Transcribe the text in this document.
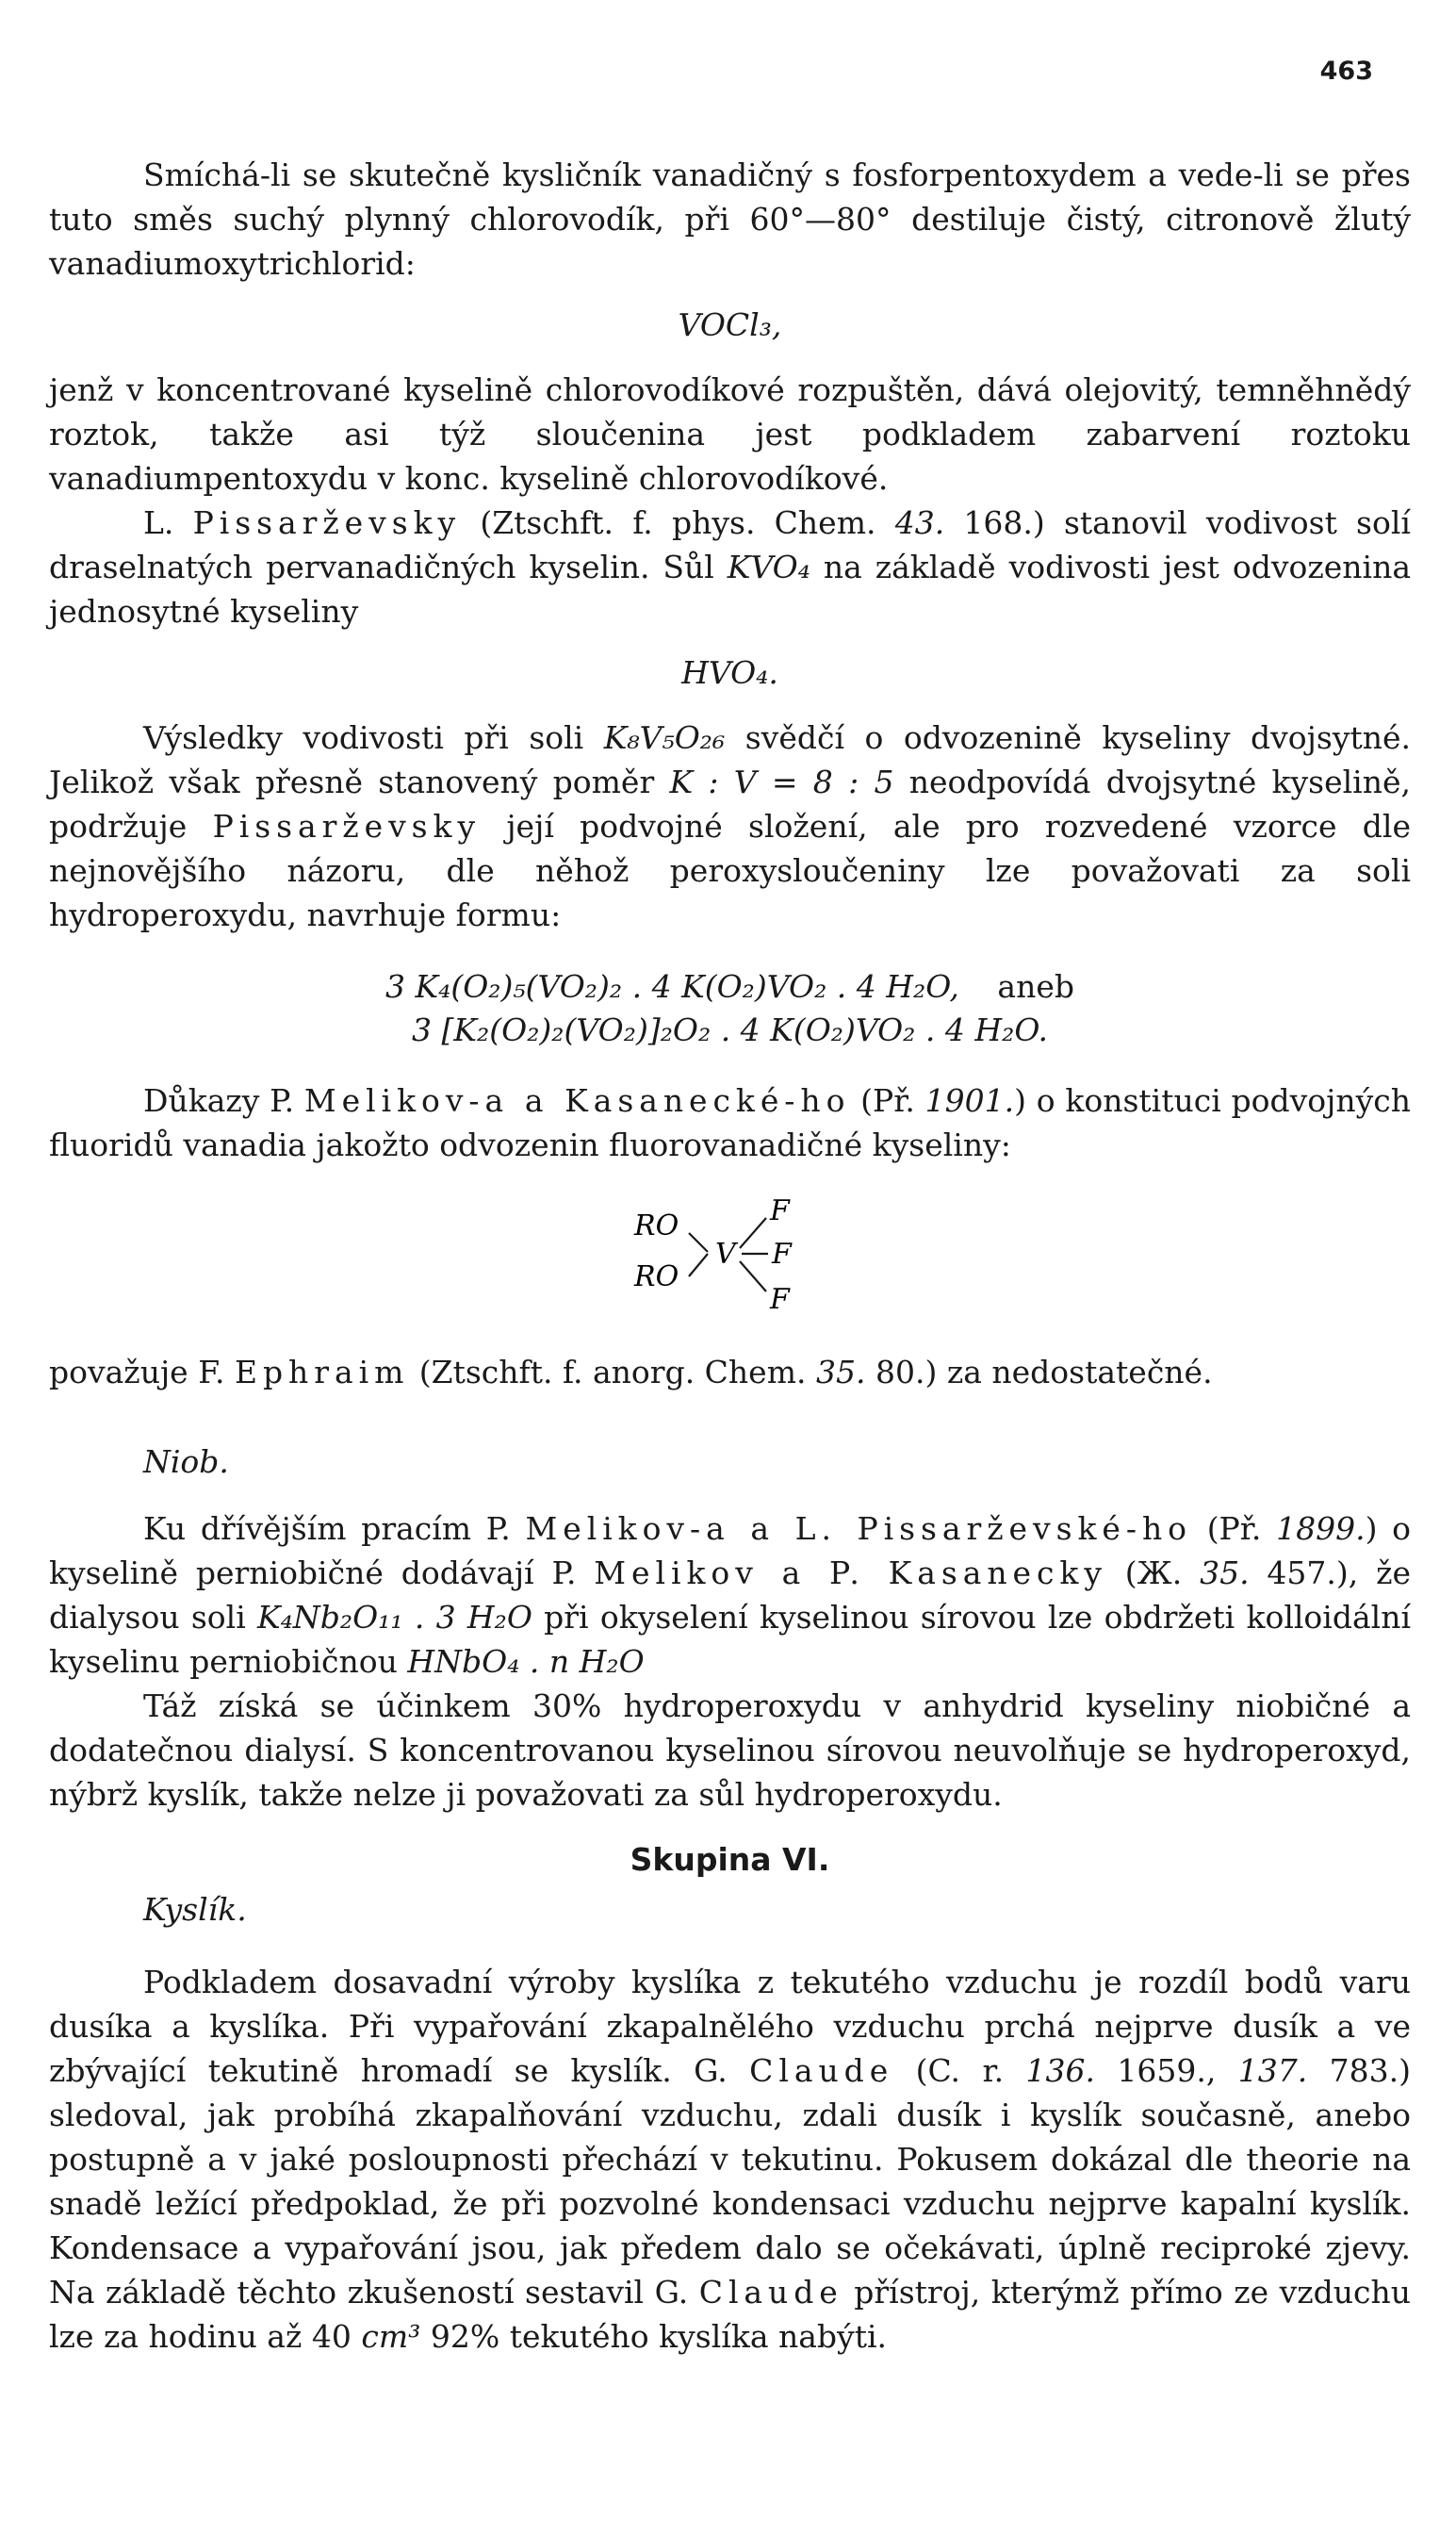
463

Smíchá-li se skutečně kysličník vanadičný s fosforpentoxydem a vede-li se přes tuto směs suchý plynný chlorovodík, při 60°—80° destiluje čistý, citronově žlutý vanadiumoxytrichlorid:

VOCl₃,

jenž v koncentrované kyselině chlorovodíkové rozpuštěn, dává olejovitý, temněhnědý roztok, takže asi týž sloučenina jest podkladem zabarvení roztoku vanadiumpentoxydu v konc. kyselině chlorovodíkové.

L. Pissarževsky (Ztschft. f. phys. Chem. 43. 168.) stanovil vodivost solí draselnatých pervanadičných kyselin. Sůl KVO₄ na základě vodivosti jest odvozenina jednosytné kyseliny

HVO₄.

Výsledky vodivosti při soli K₈V₅O₂₆ svědčí o odvozenině kyseliny dvojsytné. Jelikož však přesně stanovený poměr K : V = 8 : 5 neodpovídá dvojsytné kyselině, podržuje Pissarževsky její podvojné složení, ale pro rozvedené vzorce dle nejnovějšího názoru, dle něhož peroxysloučeniny lze považovati za soli hydroperoxydu, navrhuje formu:

3 K₄(O₂)₅(VO₂)₂ . 4 K(O₂)VO₂ . 4 H₂O, aneb
3 [K₂(O₂)₂(VO₂)]₂O₂ . 4 K(O₂)VO₂ . 4 H₂O.

Důkazy P. Melikov-a a Kasanecké-ho (Př. 1901.) o konstituci podvojných fluoridů vanadia jakožto odvozenin fluorovanadičné kyseliny:

RO
RO
V
F
F
F

považuje F. Ephraim (Ztschft. f. anorg. Chem. 35. 80.) za nedostatečné.

Niob.

Ku dřívějším pracím P. Melikov-a a L. Pissarževské-ho (Př. 1899.) o kyselině perniobičné dodávají P. Melikov a P. Kasanecky (Ж. 35. 457.), že dialysou soli K₄Nb₂O₁₁ . 3 H₂O při okyselení kyselinou sírovou lze obdržeti kolloidální kyselinu perniobičnou HNbO₄ . n H₂O

Táž získá se účinkem 30% hydroperoxydu v anhydrid kyseliny niobičné a dodatečnou dialysí. S koncentrovanou kyselinou sírovou neuvolňuje se hydroperoxyd, nýbrž kyslík, takže nelze ji považovati za sůl hydroperoxydu.

Skupina VI.
Kyslík.

Podkladem dosavadní výroby kyslíka z tekutého vzduchu je rozdíl bodů varu dusíka a kyslíka. Při vypařování zkapalnělého vzduchu prchá nejprve dusík a ve zbývající tekutině hromadí se kyslík. G. Claude (C. r. 136. 1659., 137. 783.) sledoval, jak probíhá zkapalňování vzduchu, zdali dusík i kyslík současně, anebo postupně a v jaké posloupnosti přechází v tekutinu. Pokusem dokázal dle theorie na snadě ležící předpoklad, že při pozvolné kondensaci vzduchu nejprve kapalní kyslík. Kondensace a vypařování jsou, jak předem dalo se očekávati, úplně reciproké zjevy. Na základě těchto zkušeností sestavil G. Claude přístroj, kterýmž přímo ze vzduchu lze za hodinu až 40 cm³ 92% tekutého kyslíka nabýti.
